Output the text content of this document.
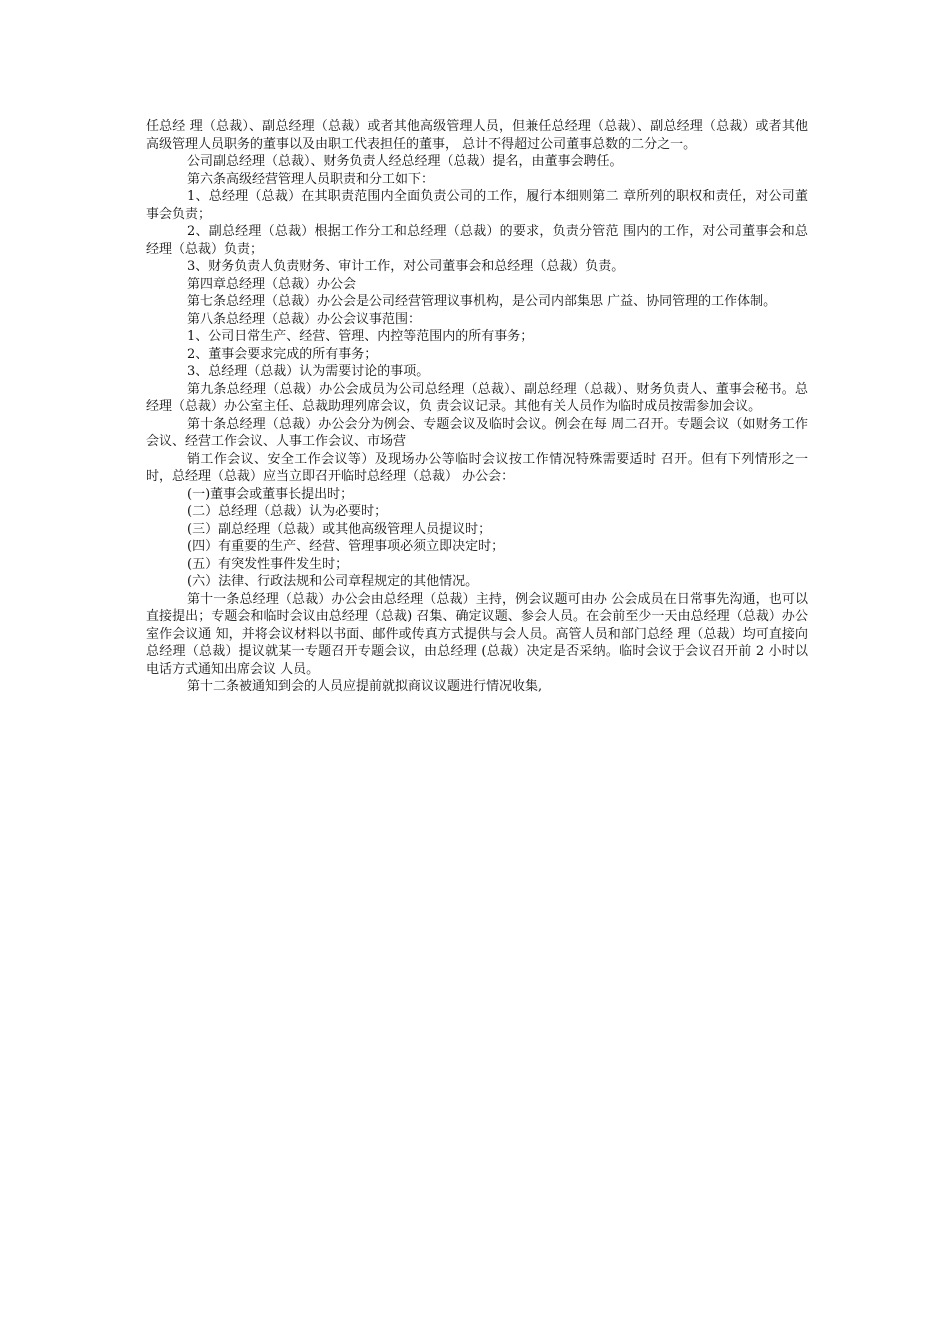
任总经 理（总裁）、副总经理（总裁）或者其他高级管理人员，但兼任总经理（总裁）、副总经理（总裁）或者其他高级管理人员职务的董事以及由职工代表担任的董事， 总计不得超过公司董事总数的二分之一。

公司副总经理（总裁）、财务负责人经总经理（总裁）提名，由董事会聘任。

第六条高级经营管理人员职责和分工如下：

1、总经理（总裁）在其职责范围内全面负责公司的工作，履行本细则第二 章所列的职权和责任，对公司董事会负责；

2、副总经理（总裁）根据工作分工和总经理（总裁）的要求，负责分管范 围内的工作，对公司董事会和总经理（总裁）负责；

3、财务负责人负责财务、审计工作，对公司董事会和总经理（总裁）负责。

第四章总经理（总裁）办公会

第七条总经理（总裁）办公会是公司经营管理议事机构，是公司内部集思 广益、协同管理的工作体制。

第八条总经理（总裁）办公会议事范围：

1、公司日常生产、经营、管理、内控等范围内的所有事务；

2、董事会要求完成的所有事务；

3、总经理（总裁）认为需要讨论的事项。

第九条总经理（总裁）办公会成员为公司总经理（总裁）、副总经理（总裁）、财务负责人、董事会秘书。总经理（总裁）办公室主任、总裁助理列席会议，负 责会议记录。其他有关人员作为临时成员按需参加会议。

第十条总经理（总裁）办公会分为例会、专题会议及临时会议。例会在每 周二召开。专题会议（如财务工作会议、经营工作会议、人事工作会议、市场营

销工作会议、安全工作会议等）及现场办公等临时会议按工作情况特殊需要适时 召开。但有下列情形之一时，总经理（总裁）应当立即召开临时总经理（总裁） 办公会：

(一)董事会或董事长提出时；

(二）总经理（总裁）认为必要时；

(三）副总经理（总裁）或其他高级管理人员提议时；

(四）有重要的生产、经营、管理事项必须立即决定时；

(五）有突发性事件发生时；

(六）法律、行政法规和公司章程规定的其他情况。

第十一条总经理（总裁）办公会由总经理（总裁）主持，例会议题可由办 公会成员在日常事先沟通，也可以直接提出；专题会和临时会议由总经理（总裁) 召集、确定议题、参会人员。在会前至少一天由总经理（总裁）办公室作会议通 知，并将会议材料以书面、邮件或传真方式提供与会人员。高管人员和部门总经 理（总裁）均可直接向总经理（总裁）提议就某一专题召开专题会议，由总经理 (总裁）决定是否采纳。临时会议于会议召开前 2 小时以电话方式通知出席会议 人员。

第十二条被通知到会的人员应提前就拟商议议题进行情况收集,
